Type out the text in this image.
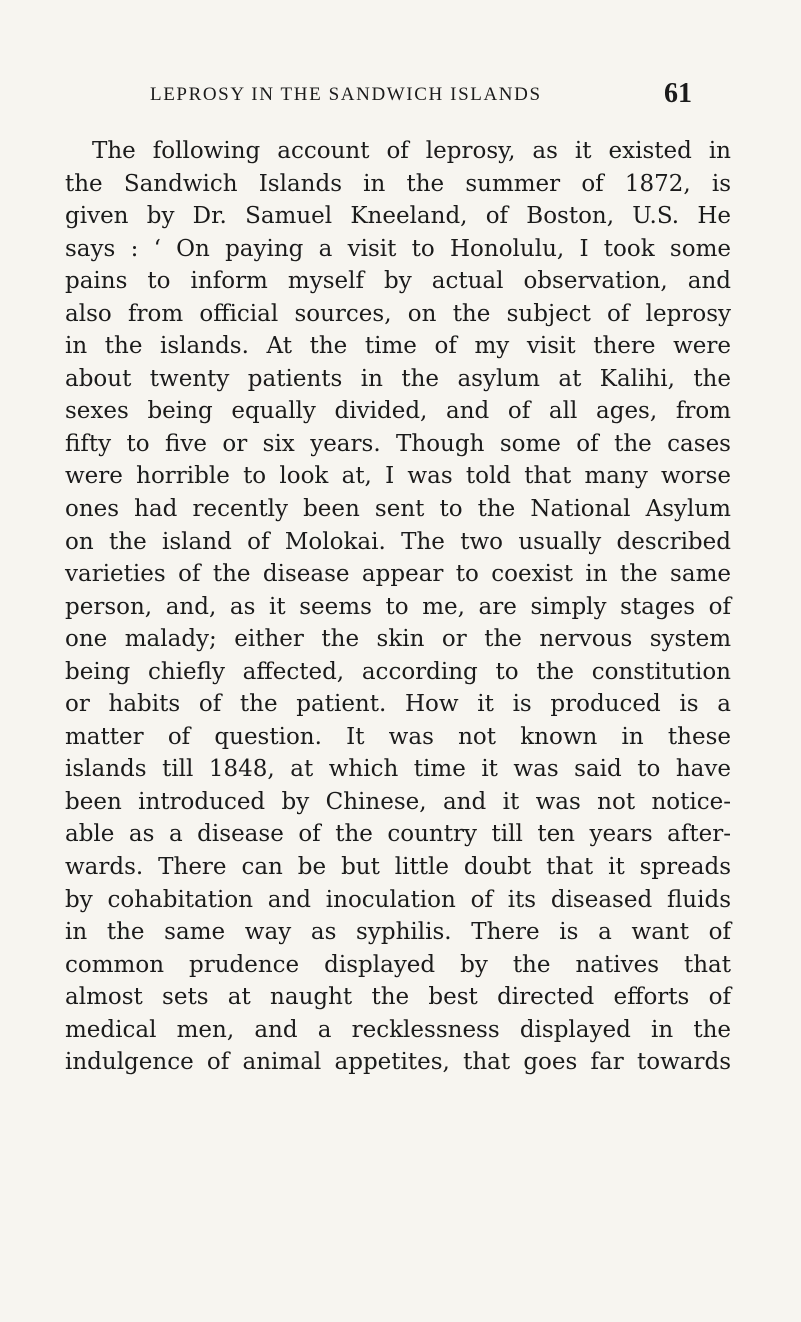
LEPROSY IN THE SANDWICH ISLANDS	61
The following account of leprosy, as it existed in
the Sandwich Islands in the summer of 1872, is
given by Dr. Samuel Kneeland, of Boston, U.S. He
says : ‘ On paying a visit to Honolulu, I took some
pains to inform myself by actual observation, and
also from official sources, on the subject of leprosy
in the islands. At the time of my visit there were
about twenty patients in the asylum at Kalihi, the
sexes being equally divided, and of all ages, from
fifty to five or six years. Though some of the cases
were horrible to look at, I was told that many worse
ones had recently been sent to the National Asylum
on the island of Molokai. The two usually described
varieties of the disease appear to coexist in the same
person, and, as it seems to me, are simply stages of
one malady; either the skin or the nervous system
being chiefly affected, according to the constitution
or habits of the patient. How it is produced is a
matter of question. It was not known in these
islands till 1848, at which time it was said to have
been introduced by Chinese, and it was not notice-
able as a disease of the country till ten years after-
wards. There can be but little doubt that it spreads
by cohabitation and inoculation of its diseased fluids
in the same way as syphilis. There is a want of
common prudence displayed by the natives that
almost sets at naught the best directed efforts of
medical men, and a recklessness displayed in the
indulgence of animal appetites, that goes far towards
